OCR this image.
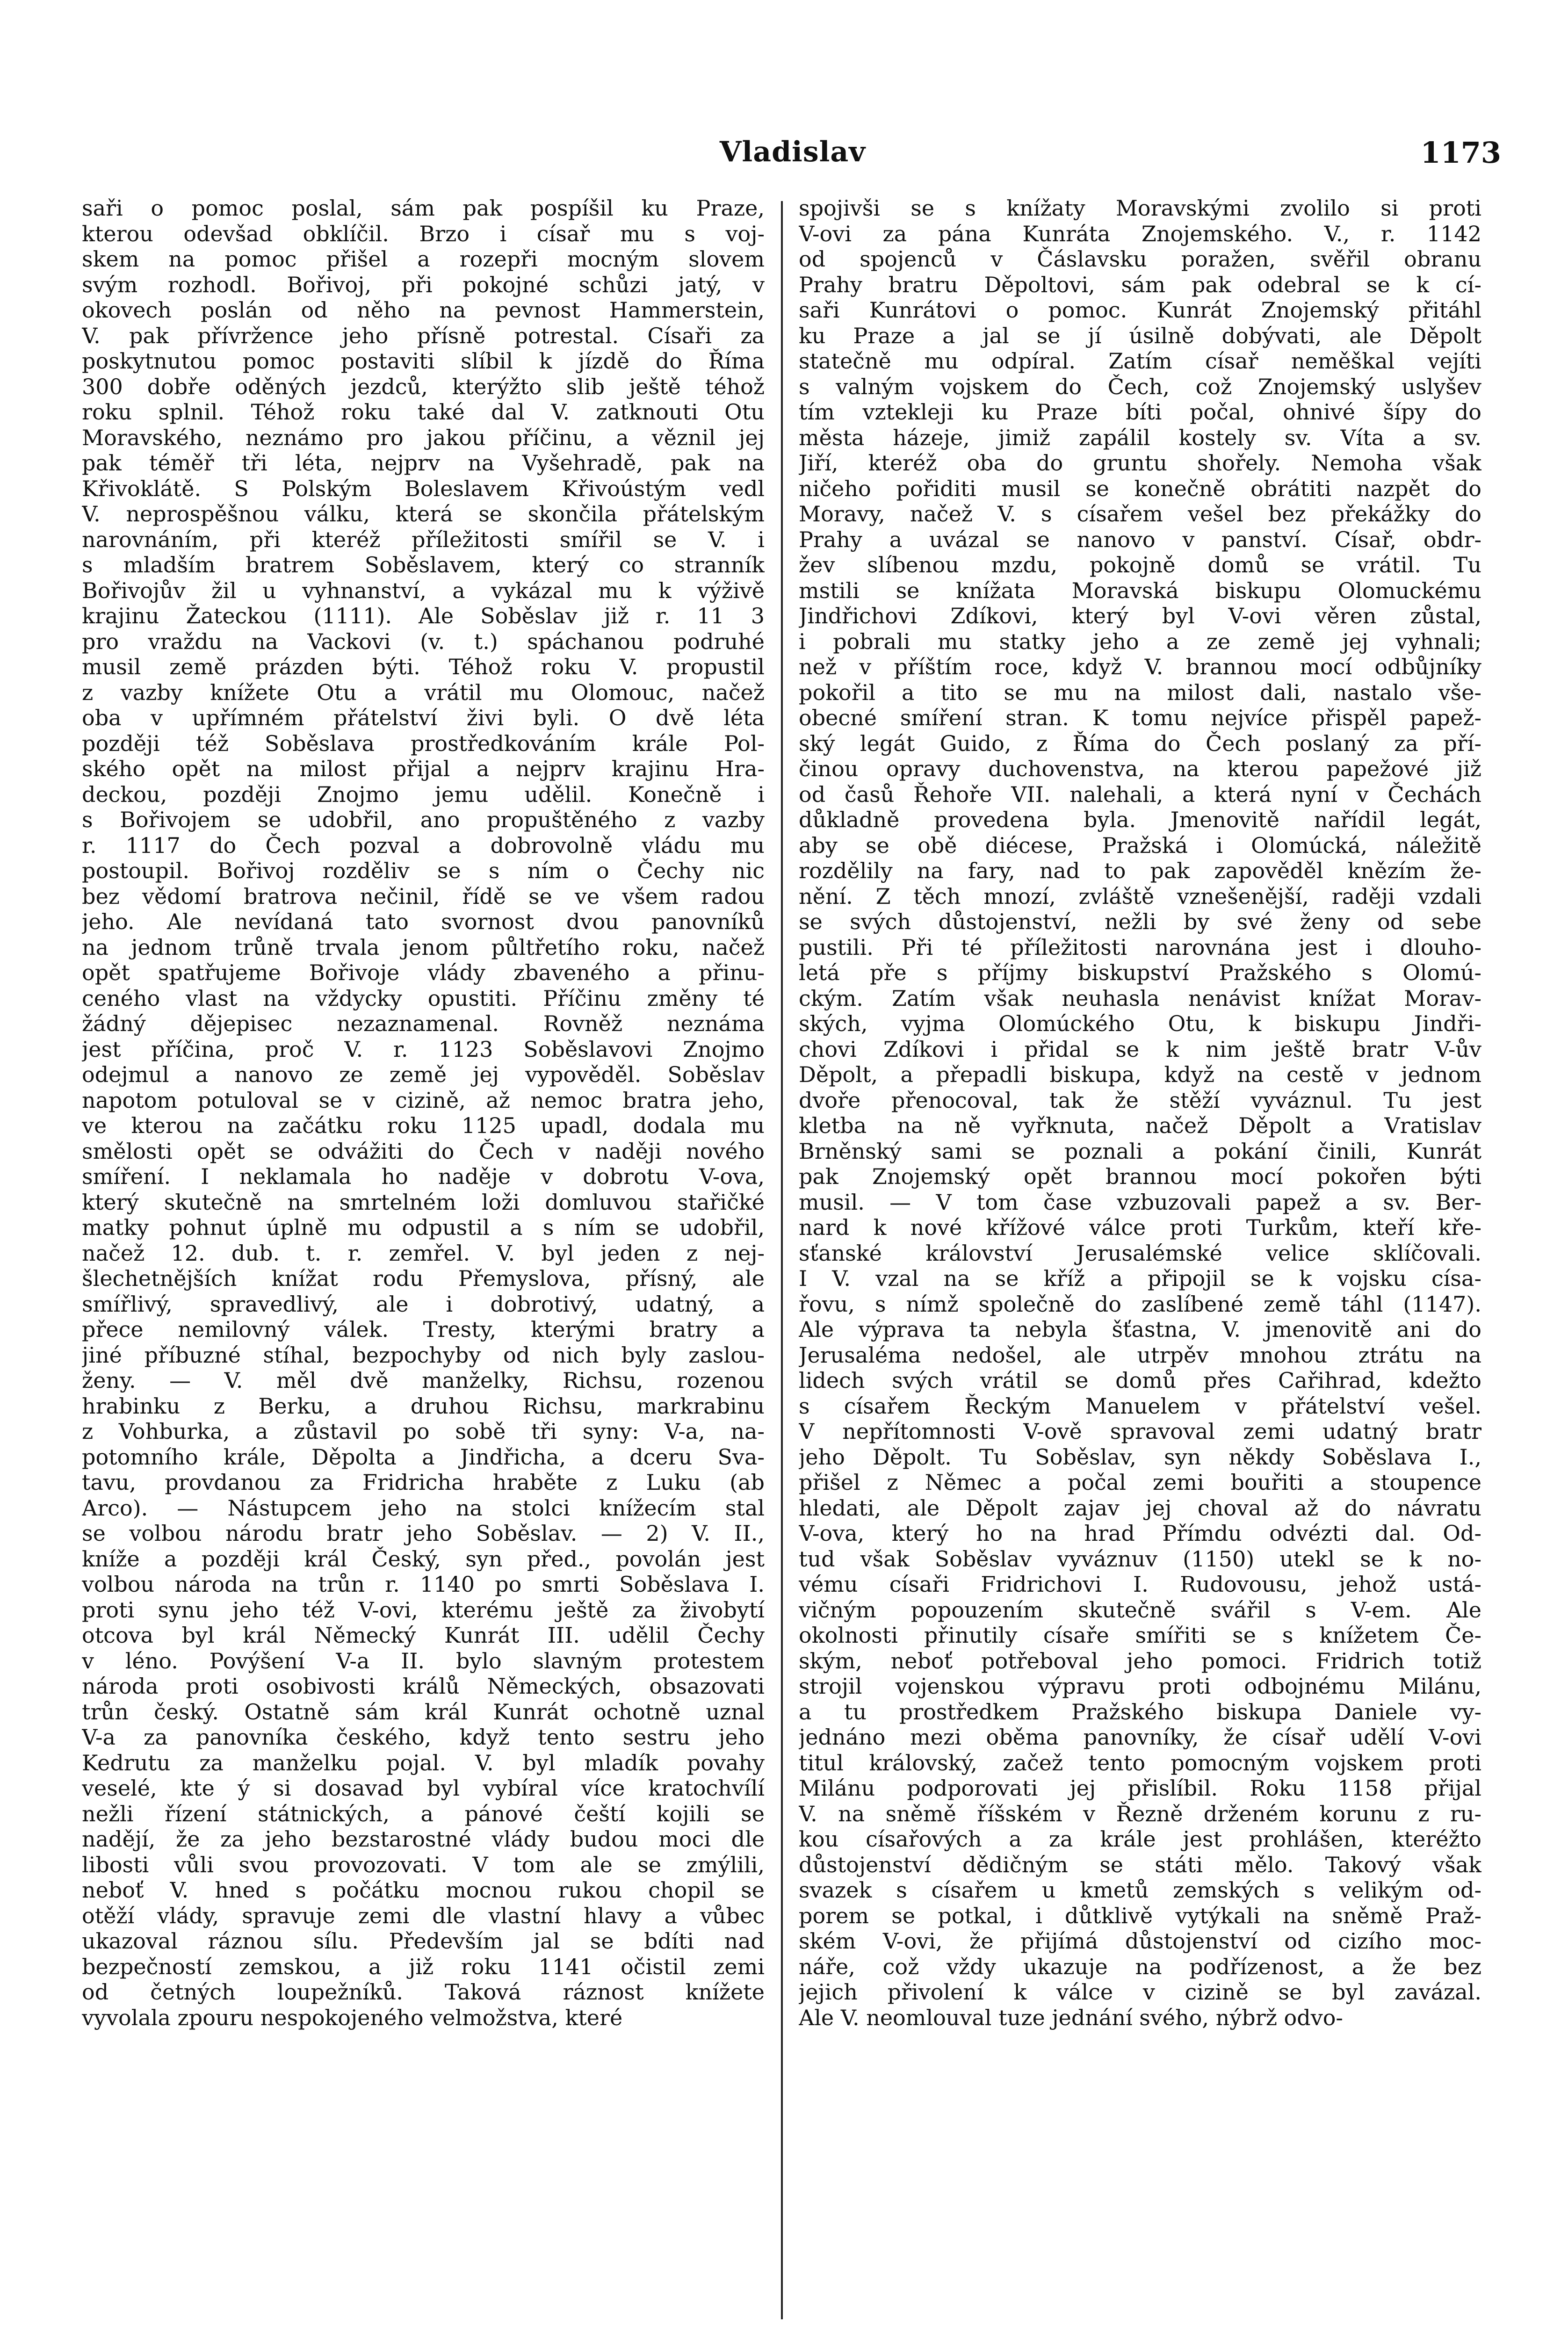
Vladislav	1173
saři o pomoc poslal, sám pak pospíšil ku Praze,
kterou odevšad obklíčil. Brzo i císař mu s voj-
skem na pomoc přišel a rozepři mocným slovem
svým rozhodl. Bořivoj, při pokojné schůzi jatý, v
okovech poslán od něho na pevnost Hammerstein,
V. pak přívržence jeho přísně potrestal. Císaři za
poskytnutou pomoc postaviti slíbil k jízdě do Říma
300 dobře oděných jezdců, kterýžto slib ještě téhož
roku splnil. Téhož roku také dal V. zatknouti Otu
Moravského, neznámo pro jakou příčinu, a věznil jej
pak téměř tři léta, nejprv na Vyšehradě, pak na
Křivoklátě. S Polským Boleslavem Křivoústým vedl
V. neprospěšnou válku, která se skončila přátelským
narovnáním, při kteréž příležitosti smířil se V. i
s mladším bratrem Soběslavem, který co stranník
Bořivojův žil u vyhnanství, a vykázal mu k výživě
krajinu Žateckou (1111). Ale Soběslav již r. 11 3
pro vraždu na Vackovi (v. t.) spáchanou podruhé
musil země prázden býti. Téhož roku V. propustil
z vazby knížete Otu a vrátil mu Olomouc, načež
oba v upřímném přátelství živi byli. O dvě léta
později též Soběslava prostředkováním krále Pol-
ského opět na milost přijal a nejprv krajinu Hra-
deckou, později Znojmo jemu udělil. Konečně i
s Bořivojem se udobřil, ano propuštěného z vazby
r. 1117 do Čech pozval a dobrovolně vládu mu
postoupil. Bořivoj rozděliv se s ním o Čechy nic
bez vědomí bratrova nečinil, řídě se ve všem radou
jeho. Ale nevídaná tato svornost dvou panovníků
na jednom trůně trvala jenom půltřetího roku, načež
opět spatřujeme Bořivoje vlády zbaveného a přinu-
ceného vlast na vždycky opustiti. Příčinu změny té
žádný dějepisec nezaznamenal. Rovněž neznáma
jest příčina, proč V. r. 1123 Soběslavovi Znojmo
odejmul a nanovo ze země jej vypověděl. Soběslav
napotom potuloval se v cizině, až nemoc bratra jeho,
ve kterou na začátku roku 1125 upadl, dodala mu
smělosti opět se odvážiti do Čech v naději nového
smíření. I neklamala ho naděje v dobrotu V-ova,
který skutečně na smrtelném loži domluvou stařičké
matky pohnut úplně mu odpustil a s ním se udobřil,
načež 12. dub. t. r. zemřel. V. byl jeden z nej-
šlechetnějších knížat rodu Přemyslova, přísný, ale
smířlivý, spravedlivý, ale i dobrotivý, udatný, a
přece nemilovný válek. Tresty, kterými bratry a
jiné příbuzné stíhal, bezpochyby od nich byly zaslou-
ženy. — V. měl dvě manželky, Richsu, rozenou
hrabinku z Berku, a druhou Richsu, markrabinu
z Vohburka, a zůstavil po sobě tři syny: V-a, na-
potomního krále, Děpolta a Jindřicha, a dceru Sva-
tavu, provdanou za Fridricha hraběte z Luku (ab
Arco). — Nástupcem jeho na stolci knížecím stal
se volbou národu bratr jeho Soběslav. — 2) V. II.,
kníže a později král Český, syn před., povolán jest
volbou národa na trůn r. 1140 po smrti Soběslava I.
proti synu jeho též V-ovi, kterému ještě za živobytí
otcova byl král Německý Kunrát III. udělil Čechy
v léno. Povýšení V-a II. bylo slavným protestem
národa proti osobivosti králů Německých, obsazovati
trůn český. Ostatně sám král Kunrát ochotně uznal
V-a za panovníka českého, když tento sestru jeho
Kedrutu za manželku pojal. V. byl mladík povahy
veselé, kte ý si dosavad byl vybíral více kratochvílí
nežli řízení státnických, a pánové čeští kojili se
nadějí, že za jeho bezstarostné vlády budou moci dle
libosti vůli svou provozovati. V tom ale se zmýlili,
neboť V. hned s počátku mocnou rukou chopil se
otěží vlády, spravuje zemi dle vlastní hlavy a vůbec
ukazoval ráznou sílu. Především jal se bdíti nad
bezpečností zemskou, a již roku 1141 očistil zemi
od četných loupežníků. Taková ráznost knížete
vyvolala zpouru nespokojeného velmožstva, které
spojivši se s knížaty Moravskými zvolilo si proti
V-ovi za pána Kunráta Znojemského. V., r. 1142
od spojenců v Čáslavsku poražen, svěřil obranu
Prahy bratru Děpoltovi, sám pak odebral se k cí-
saři Kunrátovi o pomoc. Kunrát Znojemský přitáhl
ku Praze a jal se jí úsilně dobývati, ale Děpolt
statečně mu odpíral. Zatím císař neměškal vejíti
s valným vojskem do Čech, což Znojemský uslyšev
tím vztekleji ku Praze bíti počal, ohnivé šípy do
města házeje, jimiž zapálil kostely sv. Víta a sv.
Jiří, kteréž oba do gruntu shořely. Nemoha však
ničeho pořiditi musil se konečně obrátiti nazpět do
Moravy, načež V. s císařem vešel bez překážky do
Prahy a uvázal se nanovo v panství. Císař, obdr-
žev slíbenou mzdu, pokojně domů se vrátil. Tu
mstili se knížata Moravská biskupu Olomuckému
Jindřichovi Zdíkovi, který byl V-ovi věren zůstal,
i pobrali mu statky jeho a ze země jej vyhnali;
než v příštím roce, když V. brannou mocí odbůjníky
pokořil a tito se mu na milost dali, nastalo vše-
obecné smíření stran. K tomu nejvíce přispěl papež-
ský legát Guido, z Říma do Čech poslaný za pří-
činou opravy duchovenstva, na kterou papežové již
od časů Řehoře VII. nalehali, a která nyní v Čechách
důkladně provedena byla. Jmenovitě nařídil legát,
aby se obě diécese, Pražská i Olomúcká, náležitě
rozdělily na fary, nad to pak zapověděl knězím že-
nění. Z těch mnozí, zvláště vznešenější, raději vzdali
se svých důstojenství, nežli by své ženy od sebe
pustili. Při té příležitosti narovnána jest i dlouho-
letá pře s příjmy biskupství Pražského s Olomú-
ckým. Zatím však neuhasla nenávist knížat Morav-
ských, vyjma Olomúckého Otu, k biskupu Jindři-
chovi Zdíkovi i přidal se k nim ještě bratr V-ův
Děpolt, a přepadli biskupa, když na cestě v jednom
dvoře přenocoval, tak že stěží vyváznul. Tu jest
kletba na ně vyřknuta, načež Děpolt a Vratislav
Brněnský sami se poznali a pokání činili, Kunrát
pak Znojemský opět brannou mocí pokořen býti
musil. — V tom čase vzbuzovali papež a sv. Ber-
nard k nové křížové válce proti Turkům, kteří kře-
sťanské království Jerusalémské velice sklíčovali.
I V. vzal na se kříž a připojil se k vojsku císa-
řovu, s nímž společně do zaslíbené země táhl (1147).
Ale výprava ta nebyla šťastna, V. jmenovitě ani do
Jerusaléma nedošel, ale utrpěv mnohou ztrátu na
lidech svých vrátil se domů přes Cařihrad, kdežto
s císařem Řeckým Manuelem v přátelství vešel.
V nepřítomnosti V-ově spravoval zemi udatný bratr
jeho Děpolt. Tu Soběslav, syn někdy Soběslava I.,
přišel z Němec a počal zemi bouřiti a stoupence
hledati, ale Děpolt zajav jej choval až do návratu
V-ova, který ho na hrad Přímdu odvézti dal. Od-
tud však Soběslav vyváznuv (1150) utekl se k no-
vému císaři Fridrichovi I. Rudovousu, jehož ustá-
vičným popouzením skutečně svářil s V-em. Ale
okolnosti přinutily císaře smířiti se s knížetem Če-
ským, neboť potřeboval jeho pomoci. Fridrich totiž
strojil vojenskou výpravu proti odbojnému Milánu,
a tu prostředkem Pražského biskupa Daniele vy-
jednáno mezi oběma panovníky, že císař udělí V-ovi
titul královský, začež tento pomocným vojskem proti
Milánu podporovati jej přislíbil. Roku 1158 přijal
V. na sněmě říšském v Řezně drženém korunu z ru-
kou císařových a za krále jest prohlášen, kteréžto
důstojenství dědičným se státi mělo. Takový však
svazek s císařem u kmetů zemských s velikým od-
porem se potkal, i důtklivě vytýkali na sněmě Praž-
ském V-ovi, že přijímá důstojenství od cizího moc-
náře, což vždy ukazuje na podřízenost, a že bez
jejich přivolení k válce v cizině se byl zavázal.
Ale V. neomlouval tuze jednání svého, nýbrž odvo-
